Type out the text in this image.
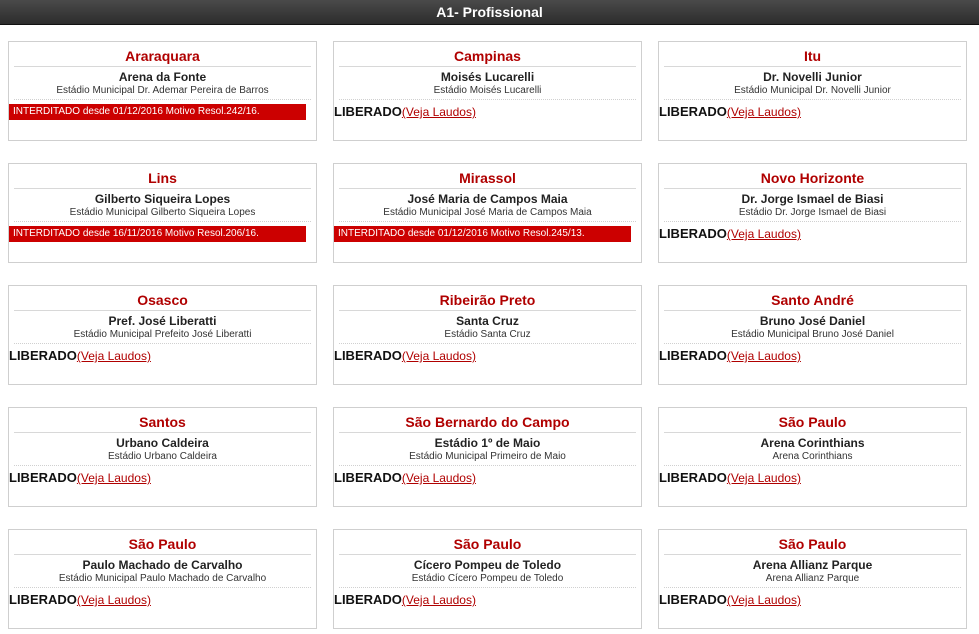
A1- Profissional
Araraquara
Arena da Fonte
Estádio Municipal Dr. Ademar Pereira de Barros
INTERDITADO desde 01/12/2016 Motivo Resol.242/16.
Campinas
Moisés Lucarelli
Estádio Moisés Lucarelli
LIBERADO(Veja Laudos)
Itu
Dr. Novelli Junior
Estádio Municipal Dr. Novelli Junior
LIBERADO(Veja Laudos)
Lins
Gilberto Siqueira Lopes
Estádio Municipal Gilberto Siqueira Lopes
INTERDITADO desde 16/11/2016 Motivo Resol.206/16.
Mirassol
José Maria de Campos Maia
Estádio Municipal José Maria de Campos Maia
INTERDITADO desde 01/12/2016 Motivo Resol.245/13.
Novo Horizonte
Dr. Jorge Ismael de Biasi
Estádio Dr. Jorge Ismael de Biasi
LIBERADO(Veja Laudos)
Osasco
Pref. José Liberatti
Estádio Municipal Prefeito José Liberatti
LIBERADO(Veja Laudos)
Ribeirão Preto
Santa Cruz
Estádio Santa Cruz
LIBERADO(Veja Laudos)
Santo André
Bruno José Daniel
Estádio Municipal Bruno José Daniel
LIBERADO(Veja Laudos)
Santos
Urbano Caldeira
Estádio Urbano Caldeira
LIBERADO(Veja Laudos)
São Bernardo do Campo
Estádio 1º de Maio
Estádio Municipal Primeiro de Maio
LIBERADO(Veja Laudos)
São Paulo
Arena Corinthians
Arena Corinthians
LIBERADO(Veja Laudos)
São Paulo
Paulo Machado de Carvalho
Estádio Municipal Paulo Machado de Carvalho
LIBERADO(Veja Laudos)
São Paulo
Cícero Pompeu de Toledo
Estádio Cícero Pompeu de Toledo
LIBERADO(Veja Laudos)
São Paulo
Arena Allianz Parque
Arena Allianz Parque
LIBERADO(Veja Laudos)
